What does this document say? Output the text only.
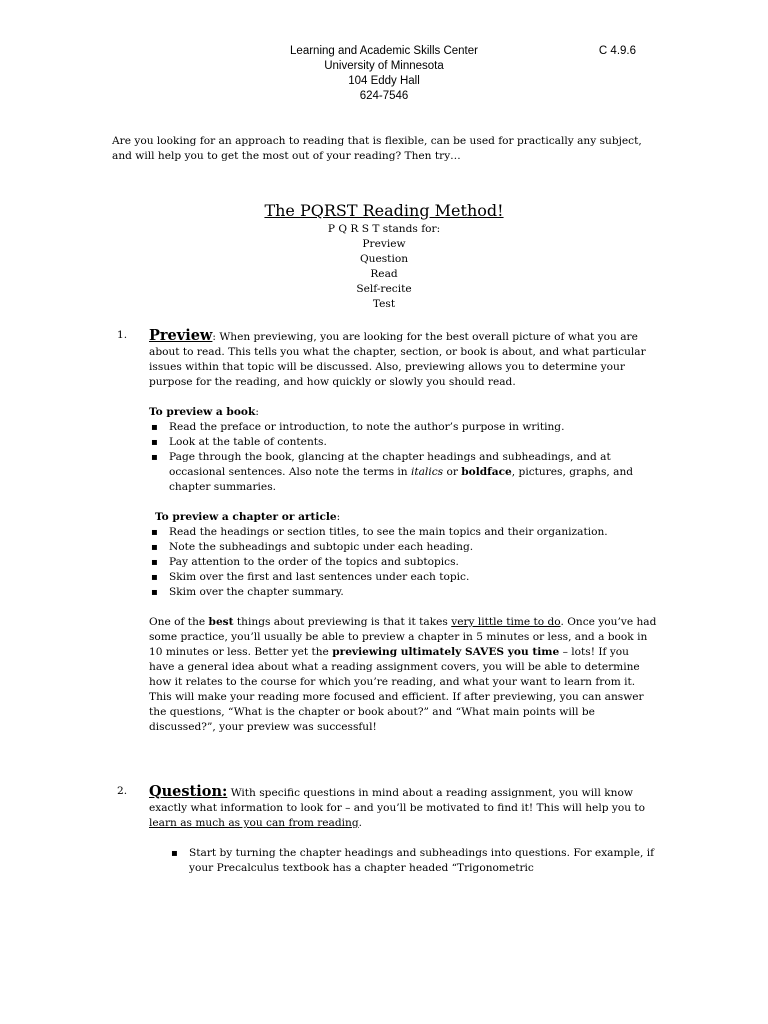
Learning and Academic Skills Center	C 4.9.6
University of Minnesota
104 Eddy Hall
624-7546
Are you looking for an approach to reading that is flexible, can be used for practically any subject, and will help you to get the most out of your reading? Then try…
The PQRST Reading Method!
P Q R S T stands for:
Preview
Question
Read
Self-recite
Test
1. Preview: When previewing, you are looking for the best overall picture of what you are about to read. This tells you what the chapter, section, or book is about, and what particular issues within that topic will be discussed. Also, previewing allows you to determine your purpose for the reading, and how quickly or slowly you should read.
To preview a book:
▪ Read the preface or introduction, to note the author’s purpose in writing.
▪ Look at the table of contents.
▪ Page through the book, glancing at the chapter headings and subheadings, and at occasional sentences. Also note the terms in italics or boldface, pictures, graphs, and chapter summaries.
To preview a chapter or article:
▪ Read the headings or section titles, to see the main topics and their organization.
▪ Note the subheadings and subtopic under each heading.
▪ Pay attention to the order of the topics and subtopics.
▪ Skim over the first and last sentences under each topic.
▪ Skim over the chapter summary.
One of the best things about previewing is that it takes very little time to do. Once you’ve had some practice, you’ll usually be able to preview a chapter in 5 minutes or less, and a book in 10 minutes or less. Better yet the previewing ultimately SAVES you time – lots! If you have a general idea about what a reading assignment covers, you will be able to determine how it relates to the course for which you’re reading, and what your want to learn from it. This will make your reading more focused and efficient. If after previewing, you can answer the questions, “What is the chapter or book about?” and “What main points will be discussed?”, your preview was successful!
2. Question: With specific questions in mind about a reading assignment, you will know exactly what information to look for – and you’ll be motivated to find it! This will help you to learn as much as you can from reading.
▪ Start by turning the chapter headings and subheadings into questions. For example, if your Precalculus textbook has a chapter headed “Trigonometric
